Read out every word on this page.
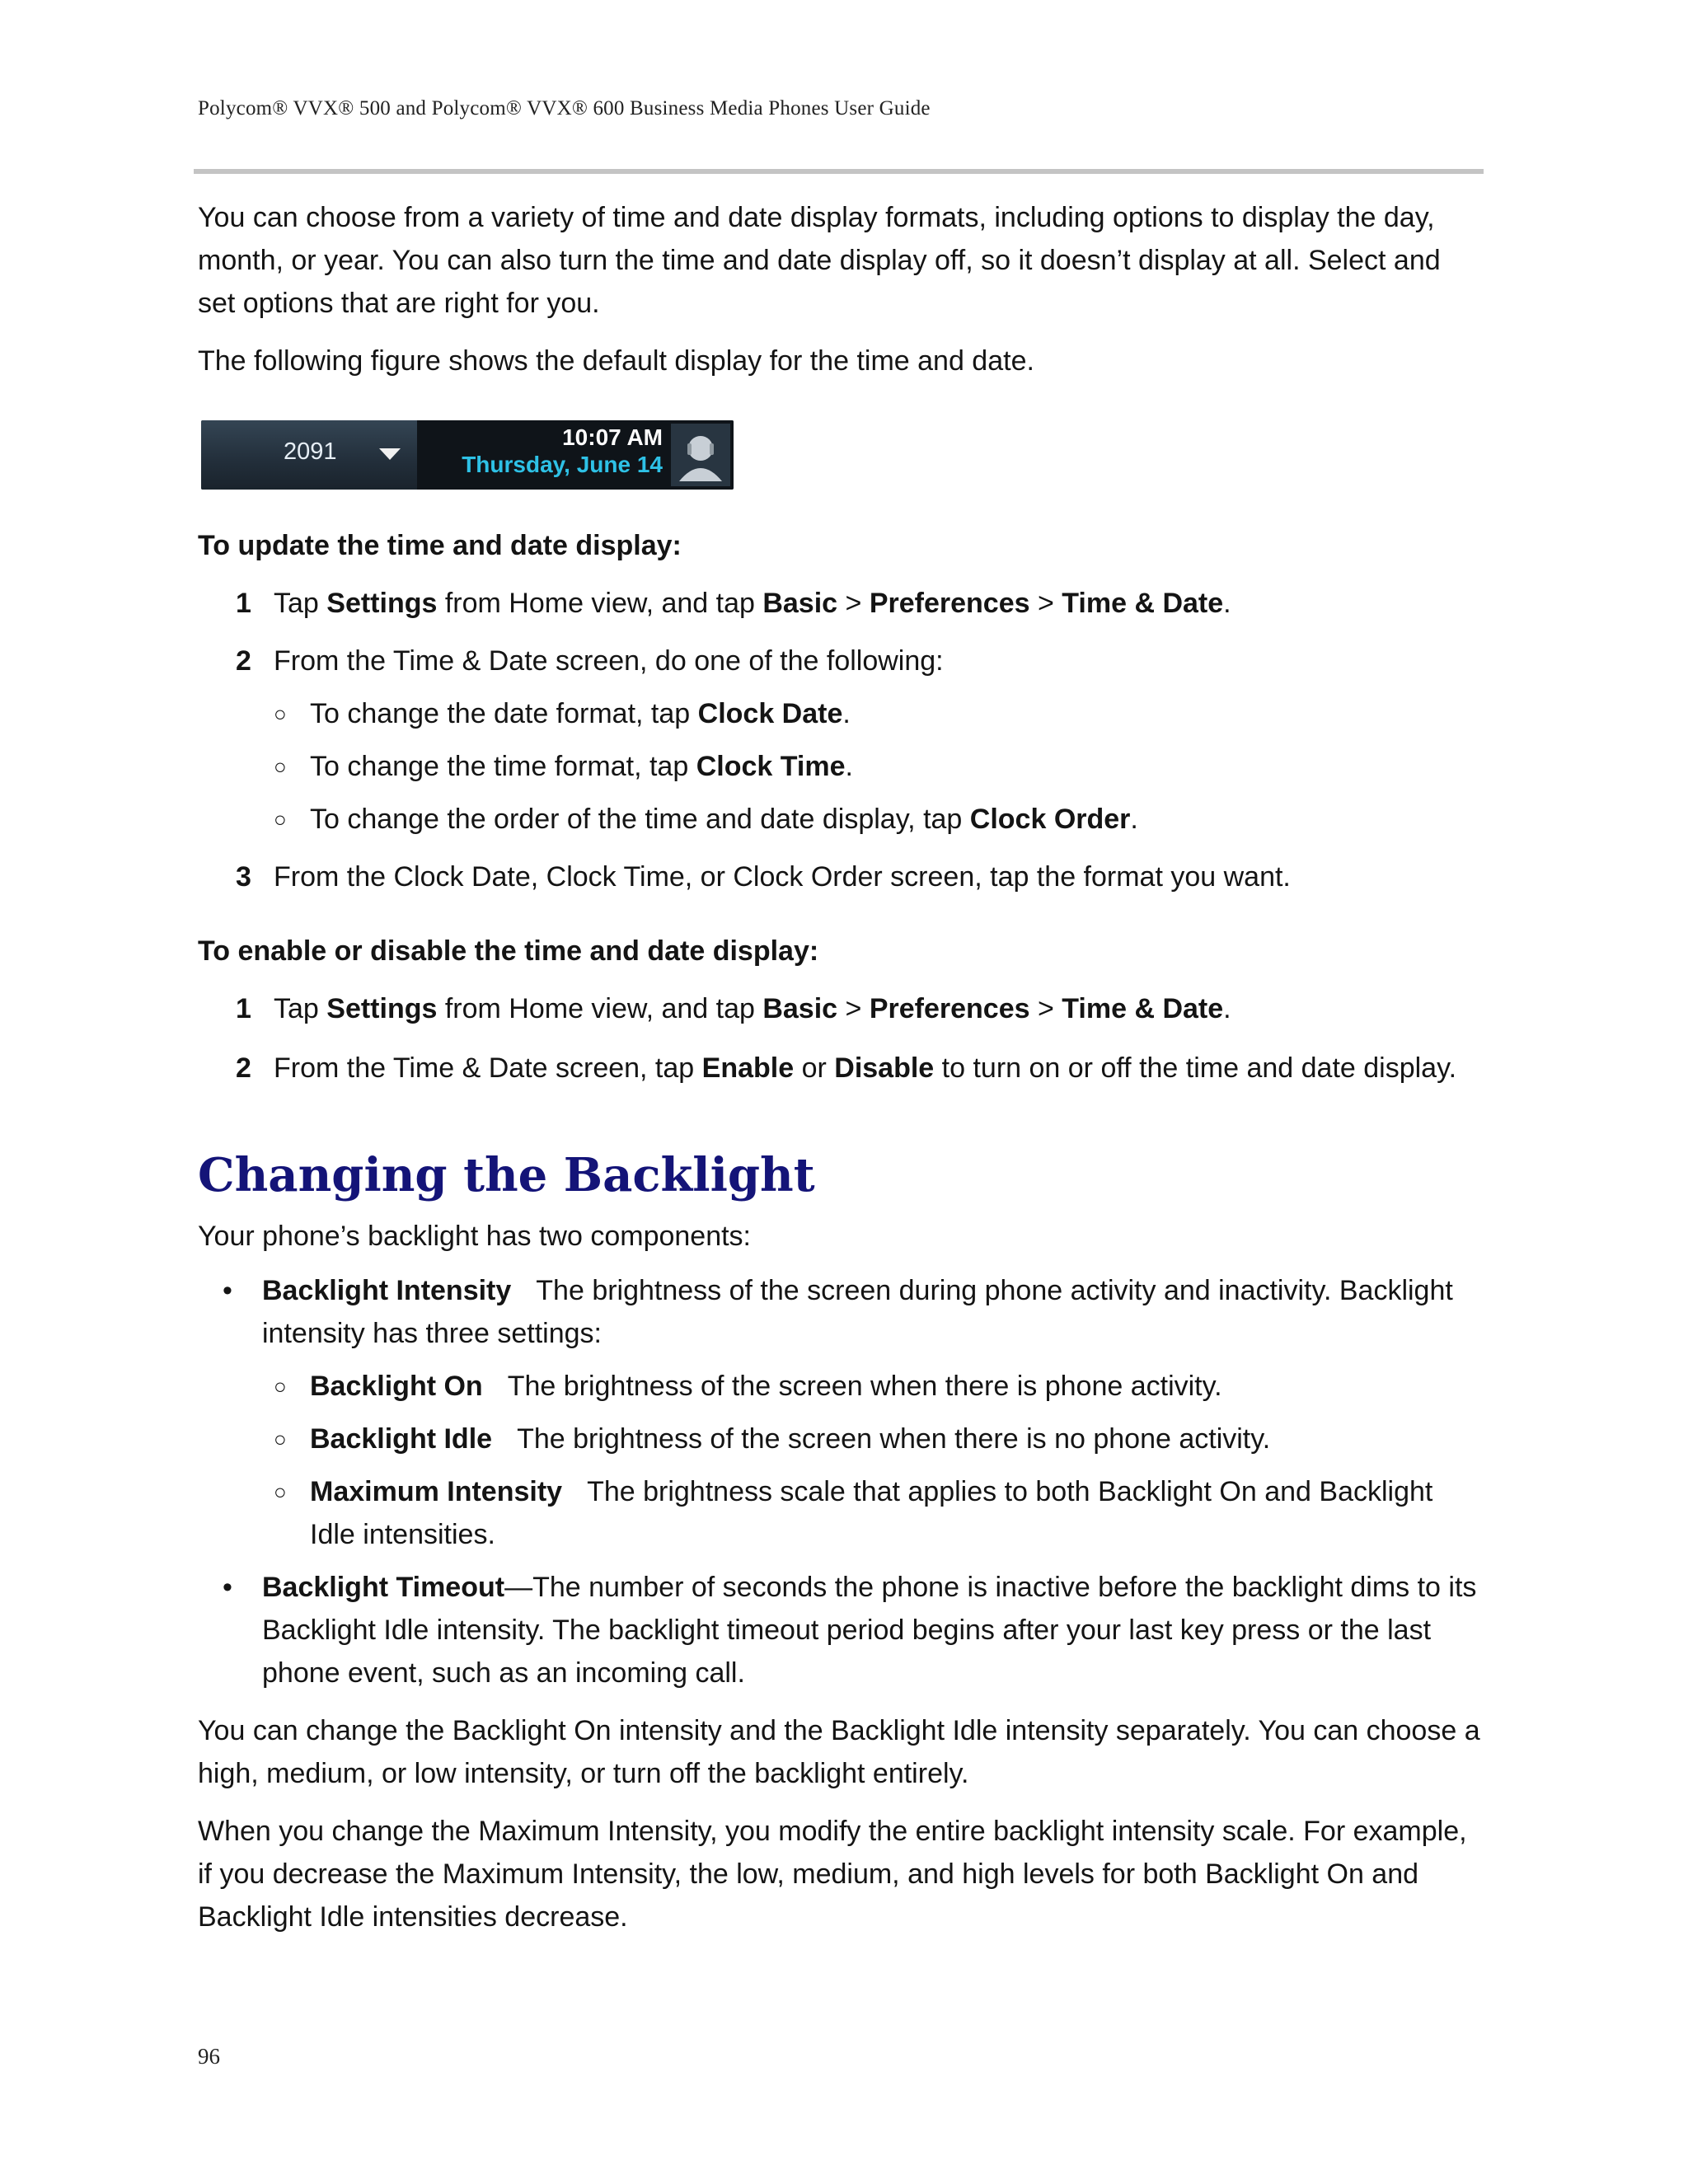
Polycom® VVX® 500 and Polycom® VVX® 600 Business Media Phones User Guide

You can choose from a variety of time and date display formats, including options to display the day, month, or year. You can also turn the time and date display off, so it doesn’t display at all. Select and set options that are right for you.

The following figure shows the default display for the time and date.

2091
10:07 AM
Thursday, June 14

To update the time and date display:

1 Tap Settings from Home view, and tap Basic > Preferences > Time & Date.
2 From the Time & Date screen, do one of the following:
○ To change the date format, tap Clock Date.
○ To change the time format, tap Clock Time.
○ To change the order of the time and date display, tap Clock Order.
3 From the Clock Date, Clock Time, or Clock Order screen, tap the format you want.

To enable or disable the time and date display:

1 Tap Settings from Home view, and tap Basic > Preferences > Time & Date.
2 From the Time & Date screen, tap Enable or Disable to turn on or off the time and date display.
Changing the Backlight

Your phone’s backlight has two components:

• Backlight Intensity The brightness of the screen during phone activity and inactivity. Backlight intensity has three settings:
○ Backlight On The brightness of the screen when there is phone activity.
○ Backlight Idle The brightness of the screen when there is no phone activity.
○ Maximum Intensity The brightness scale that applies to both Backlight On and Backlight Idle intensities.
• Backlight Timeout—The number of seconds the phone is inactive before the backlight dims to its Backlight Idle intensity. The backlight timeout period begins after your last key press or the last phone event, such as an incoming call.

You can change the Backlight On intensity and the Backlight Idle intensity separately. You can choose a high, medium, or low intensity, or turn off the backlight entirely.

When you change the Maximum Intensity, you modify the entire backlight intensity scale. For example, if you decrease the Maximum Intensity, the low, medium, and high levels for both Backlight On and Backlight Idle intensities decrease.

96
